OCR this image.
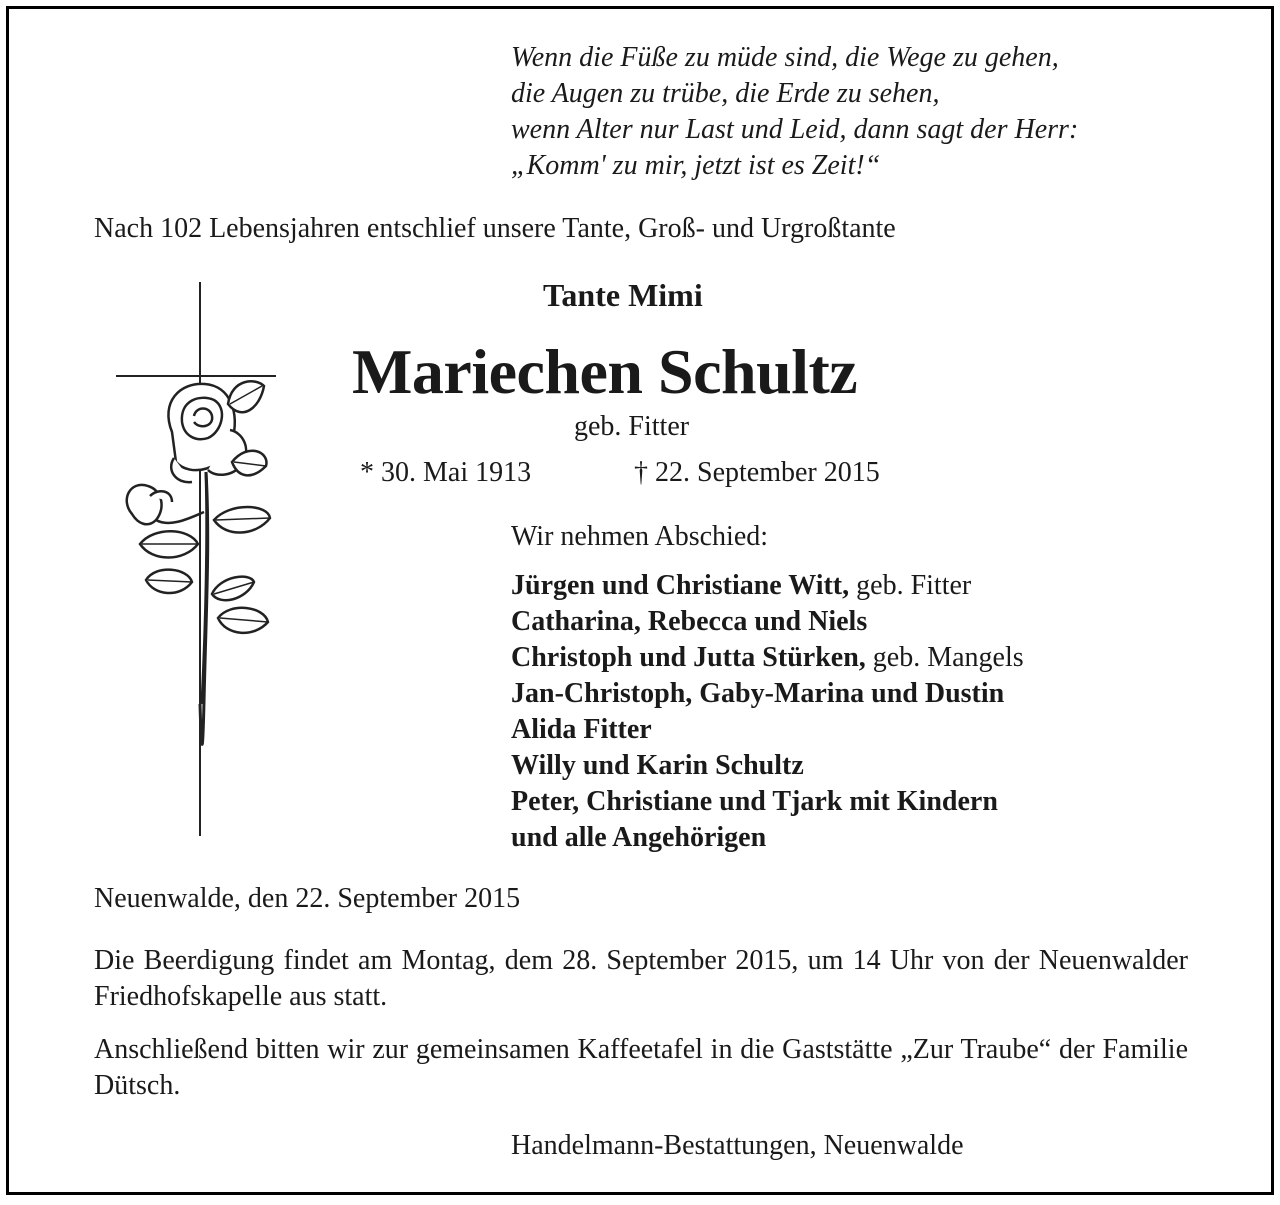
Wenn die Füße zu müde sind, die Wege zu gehen,
die Augen zu trübe, die Erde zu sehen,
wenn Alter nur Last und Leid, dann sagt der Herr:
„Komm' zu mir, jetzt ist es Zeit!“
Nach 102 Lebensjahren entschlief unsere Tante, Groß- und Urgroßtante
Tante Mimi
Mariechen Schultz
geb. Fitter
* 30. Mai 1913	† 22. September 2015
Wir nehmen Abschied:
Jürgen und Christiane Witt, geb. Fitter
Catharina, Rebecca und Niels
Christoph und Jutta Stürken, geb. Mangels
Jan-Christoph, Gaby-Marina und Dustin
Alida Fitter
Willy und Karin Schultz
Peter, Christiane und Tjark mit Kindern
und alle Angehörigen
Neuenwalde, den 22. September 2015
Die Beerdigung findet am Montag, dem 28. September 2015, um 14 Uhr von der Neuenwalder Friedhofskapelle aus statt.
Anschließend bitten wir zur gemeinsamen Kaffeetafel in die Gaststätte „Zur Traube“ der Familie Dütsch.
Handelmann-Bestattungen, Neuenwalde
